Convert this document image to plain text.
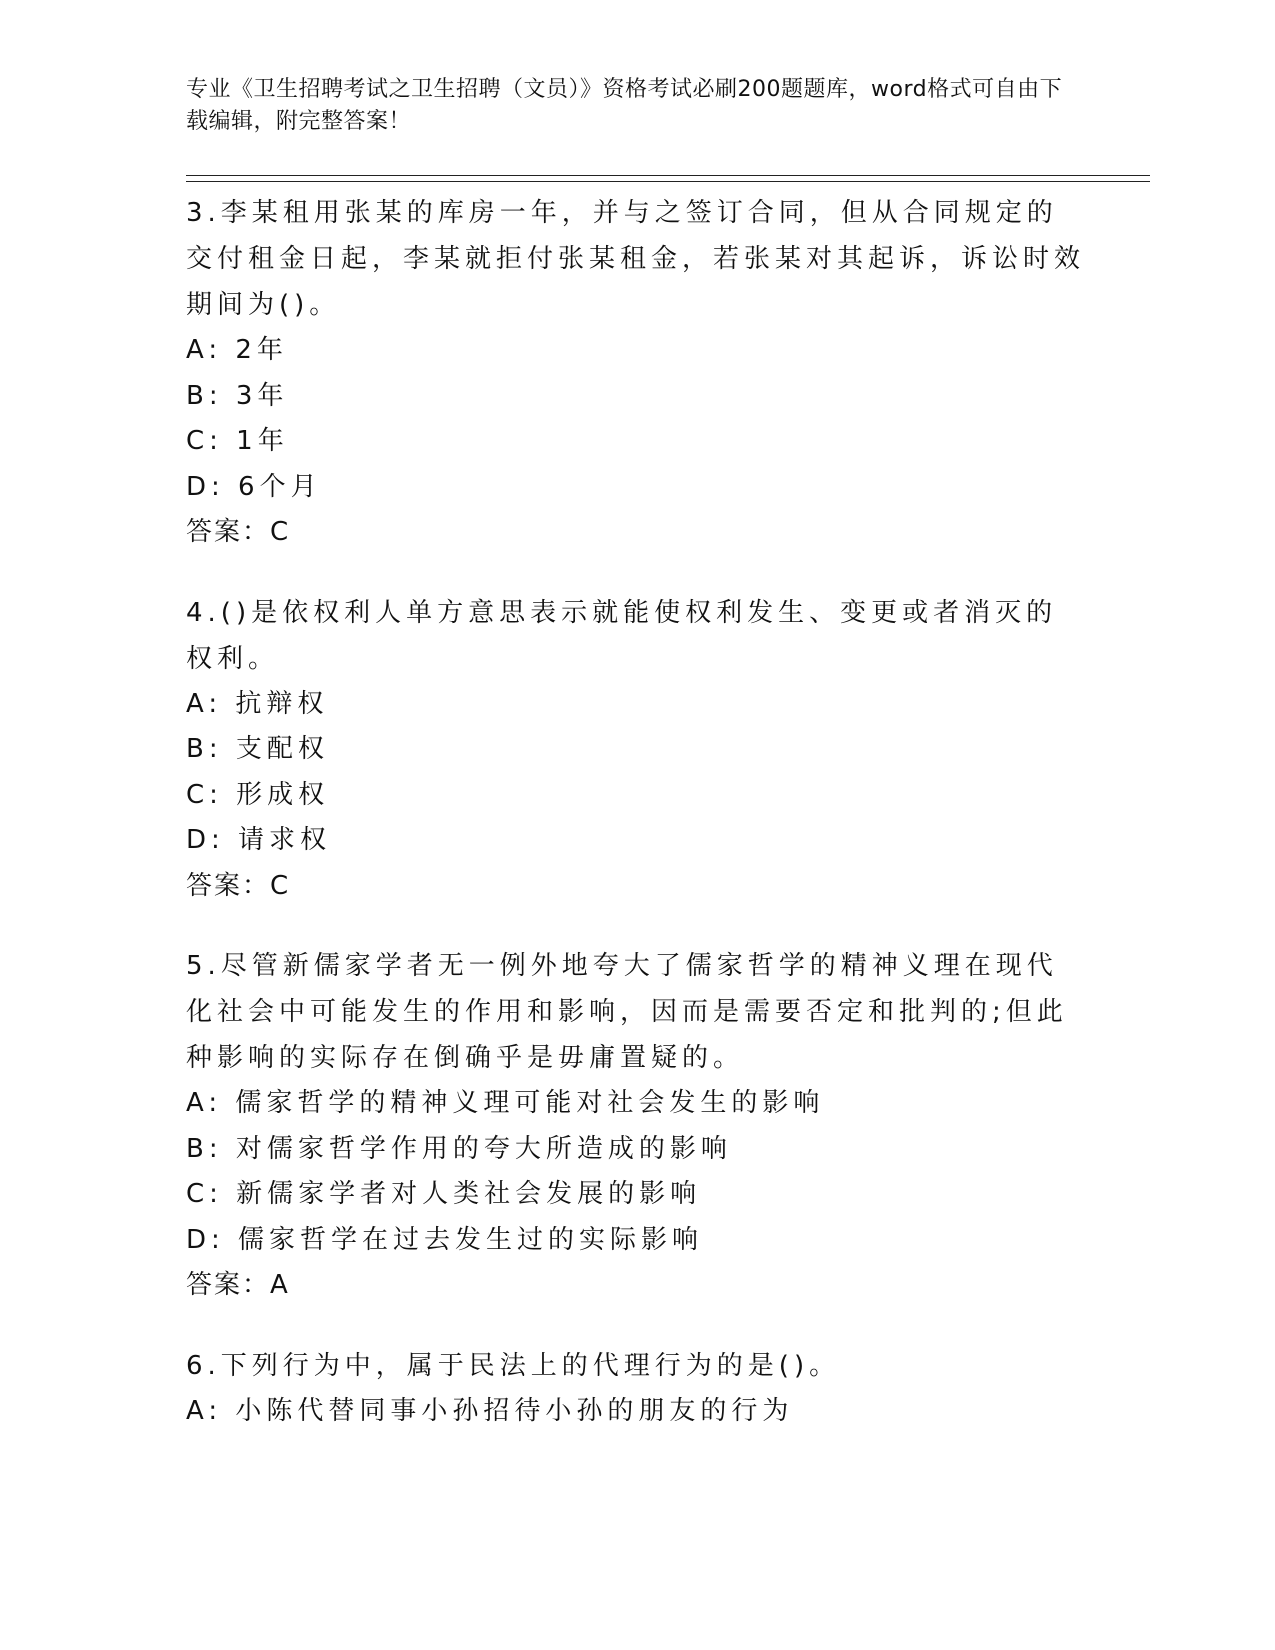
专业《卫生招聘考试之卫生招聘（文员）》资格考试必刷200题题库，word格式可自由下载编辑，附完整答案！

3.李某租用张某的库房一年，并与之签订合同，但从合同规定的交付租金日起，李某就拒付张某租金，若张某对其起诉，诉讼时效期间为()。

A: 2年

B: 3年

C: 1年

D: 6个月

答案：C

4.()是依权利人单方意思表示就能使权利发生、变更或者消灭的权利。

A: 抗辩权

B: 支配权

C: 形成权

D: 请求权

答案：C

5.尽管新儒家学者无一例外地夸大了儒家哲学的精神义理在现代化社会中可能发生的作用和影响，因而是需要否定和批判的;但此种影响的实际存在倒确乎是毋庸置疑的。

A: 儒家哲学的精神义理可能对社会发生的影响

B: 对儒家哲学作用的夸大所造成的影响

C: 新儒家学者对人类社会发展的影响

D: 儒家哲学在过去发生过的实际影响

答案：A

6.下列行为中，属于民法上的代理行为的是()。

A: 小陈代替同事小孙招待小孙的朋友的行为
